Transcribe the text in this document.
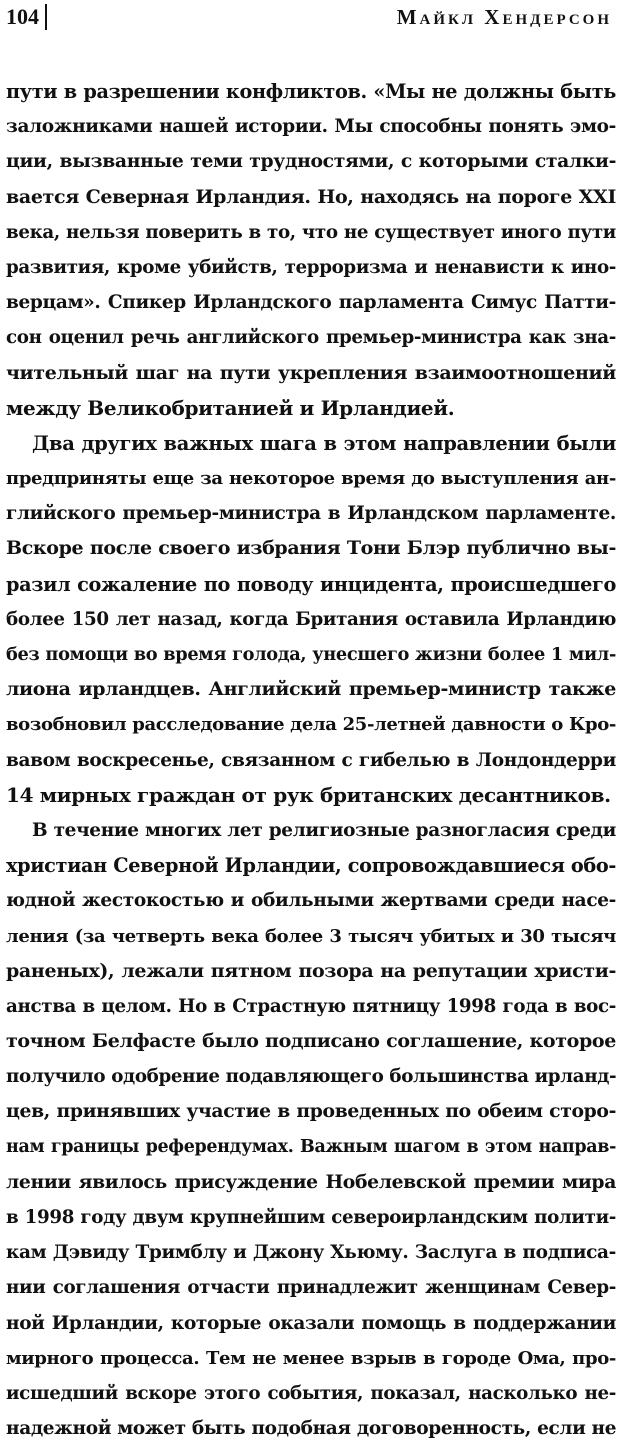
104	Майкл Хендерсон
пути в разрешении конфликтов. «Мы не должны быть
заложниками нашей истории. Мы способны понять эмо-
ции, вызванные теми трудностями, с которыми сталки-
вается Северная Ирландия. Но, находясь на пороге XXI
века, нельзя поверить в то, что не существует иного пути
развития, кроме убийств, терроризма и ненависти к ино-
верцам». Спикер Ирландского парламента Симус Патти-
сон оценил речь английского премьер-министра как зна-
чительный шаг на пути укрепления взаимоотношений
между Великобританией и Ирландией.
Два других важных шага в этом направлении были
предприняты еще за некоторое время до выступления ан-
глийского премьер-министра в Ирландском парламенте.
Вскоре после своего избрания Тони Блэр публично вы-
разил сожаление по поводу инцидента, происшедшего
более 150 лет назад, когда Британия оставила Ирландию
без помощи во время голода, унесшего жизни более 1 мил-
лиона ирландцев. Английский премьер-министр также
возобновил расследование дела 25-летней давности о Кро-
вавом воскресенье, связанном с гибелью в Лондондерри
14 мирных граждан от рук британских десантников.
В течение многих лет религиозные разногласия среди
христиан Северной Ирландии, сопровождавшиеся обо-
юдной жестокостью и обильными жертвами среди насе-
ления (за четверть века более 3 тысяч убитых и 30 тысяч
раненых), лежали пятном позора на репутации христи-
анства в целом. Но в Страстную пятницу 1998 года в вос-
точном Белфасте было подписано соглашение, которое
получило одобрение подавляющего большинства ирланд-
цев, принявших участие в проведенных по обеим сторо-
нам границы референдумах. Важным шагом в этом направ-
лении явилось присуждение Нобелевской премии мира
в 1998 году двум крупнейшим североирландским полити-
кам Дэвиду Тримблу и Джону Хьюму. Заслуга в подписа-
нии соглашения отчасти принадлежит женщинам Север-
ной Ирландии, которые оказали помощь в поддержании
мирного процесса. Тем не менее взрыв в городе Ома, про-
исшедший вскоре этого события, показал, насколько не-
надежной может быть подобная договоренность, если не
